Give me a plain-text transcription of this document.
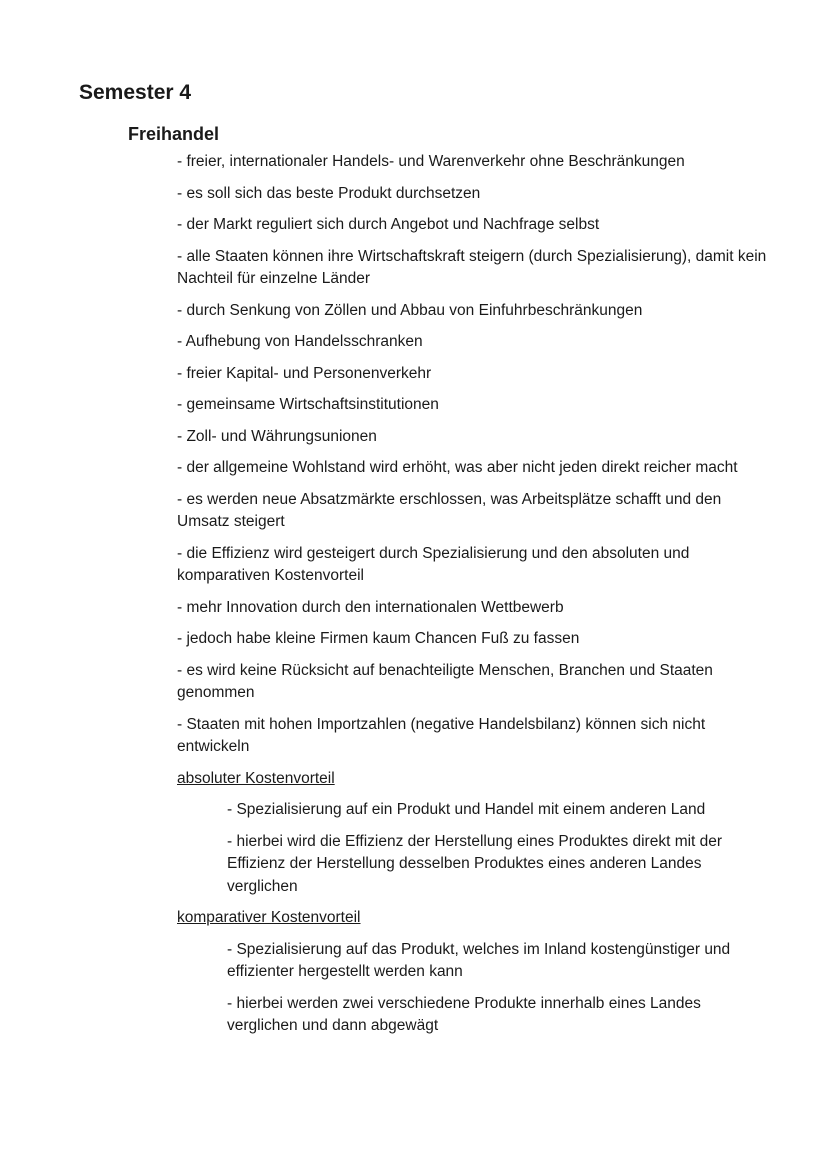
Semester 4
Freihandel
- freier, internationaler Handels- und Warenverkehr ohne Beschränkungen
- es soll sich das beste Produkt durchsetzen
- der Markt reguliert sich durch Angebot und Nachfrage selbst
- alle Staaten können ihre Wirtschaftskraft steigern (durch Spezialisierung), damit kein Nachteil für einzelne Länder
- durch Senkung von Zöllen und Abbau von Einfuhrbeschränkungen
- Aufhebung von Handelsschranken
- freier Kapital- und Personenverkehr
- gemeinsame Wirtschaftsinstitutionen
- Zoll- und Währungsunionen
- der allgemeine Wohlstand wird erhöht, was aber nicht jeden direkt reicher macht
- es werden neue Absatzmärkte erschlossen, was Arbeitsplätze schafft und den Umsatz steigert
- die Effizienz wird gesteigert durch Spezialisierung und den absoluten und komparativen Kostenvorteil
- mehr Innovation durch den internationalen Wettbewerb
- jedoch habe kleine Firmen kaum Chancen Fuß zu fassen
- es wird keine Rücksicht auf benachteiligte Menschen, Branchen und Staaten genommen
- Staaten mit hohen Importzahlen (negative Handelsbilanz) können sich nicht entwickeln
absoluter Kostenvorteil
- Spezialisierung auf ein Produkt und Handel mit einem anderen Land
- hierbei wird die Effizienz der Herstellung eines Produktes direkt mit der Effizienz der Herstellung desselben Produktes eines anderen Landes verglichen
komparativer Kostenvorteil
- Spezialisierung auf das Produkt, welches im Inland kostengünstiger und effizienter hergestellt werden kann
- hierbei werden zwei verschiedene Produkte innerhalb eines Landes verglichen und dann abgewägt
